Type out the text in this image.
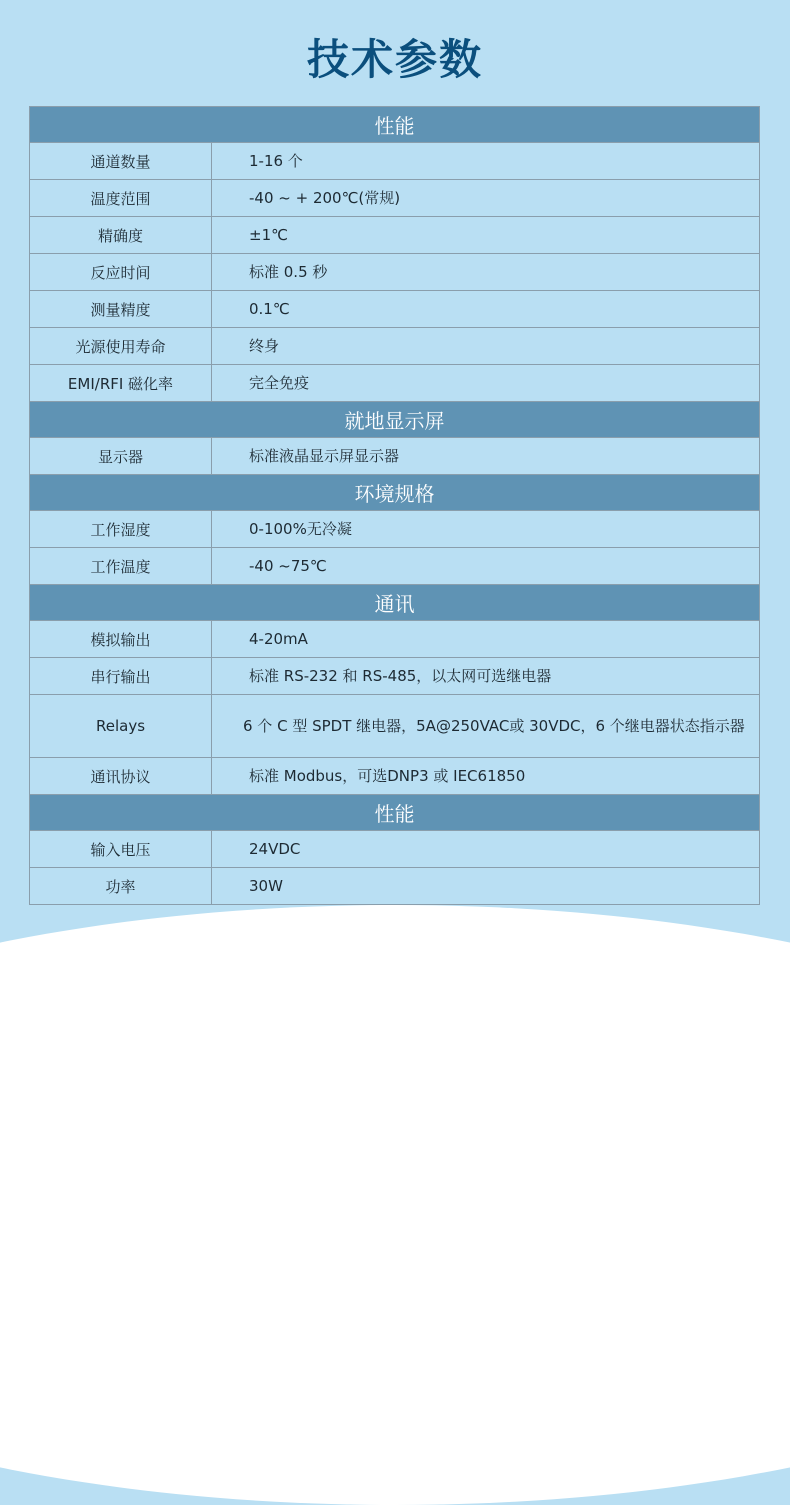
技术参数
性能	
通道数量	1-16 个
温度范围	-40 ~ + 200℃(常规)
精确度	±1℃
反应时间	标准 0.5 秒
测量精度	0.1℃
光源使用寿命	终身
EMI/RFI 磁化率	完全免疫
就地显示屏	
显示器	标准液晶显示屏显示器
环境规格	
工作湿度	0-100%无冷凝
工作温度	-40 ~75℃
通讯	
模拟输出	4-20mA
串行输出	标准 RS-232 和 RS-485，以太网可选继电器
Relays	6 个 C 型 SPDT 继电器，5A@250VAC或 30VDC，6 个继电器状态指示器
通讯协议	标准 Modbus，可选DNP3 或 IEC61850
性能	
输入电压	24VDC
功率	30W
